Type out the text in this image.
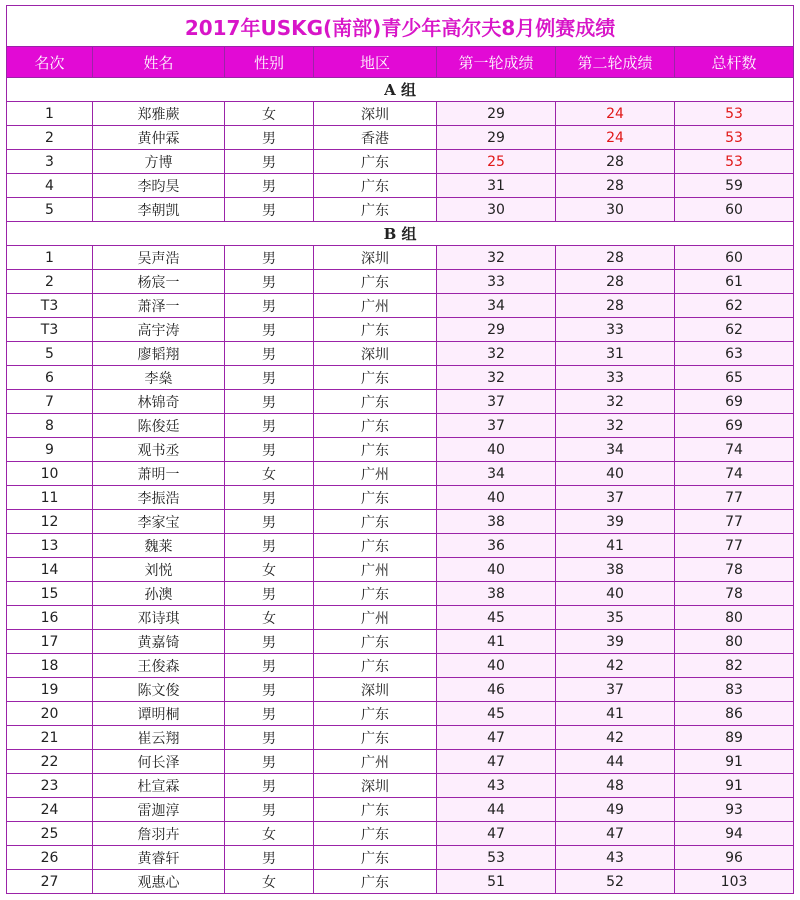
2017年USKG(南部)青少年高尔夫8月例赛成绩						
名次	姓名	性别	地区	第一轮成绩	第二轮成绩	总杆数
A 组						
1	郑雅蕨	女	深圳	29	24	53
2	黄仲霖	男	香港	29	24	53
3	方博	男	广东	25	28	53
4	李昀昊	男	广东	31	28	59
5	李朝凯	男	广东	30	30	60
B 组						
1	吴声浩	男	深圳	32	28	60
2	杨宸一	男	广东	33	28	61
T3	萧泽一	男	广州	34	28	62
T3	高宇涛	男	广东	29	33	62
5	廖韬翔	男	深圳	32	31	63
6	李燊	男	广东	32	33	65
7	林锦奇	男	广东	37	32	69
8	陈俊廷	男	广东	37	32	69
9	观书丞	男	广东	40	34	74
10	萧明一	女	广州	34	40	74
11	李振浩	男	广东	40	37	77
12	李家宝	男	广东	38	39	77
13	魏莱	男	广东	36	41	77
14	刘悦	女	广州	40	38	78
15	孙澳	男	广东	38	40	78
16	邓诗琪	女	广州	45	35	80
17	黄嘉锜	男	广东	41	39	80
18	王俊森	男	广东	40	42	82
19	陈文俊	男	深圳	46	37	83
20	谭明桐	男	广东	45	41	86
21	崔云翔	男	广东	47	42	89
22	何长泽	男	广州	47	44	91
23	杜宣霖	男	深圳	43	48	91
24	雷迦淳	男	广东	44	49	93
25	詹羽卉	女	广东	47	47	94
26	黄睿轩	男	广东	53	43	96
27	观惠心	女	广东	51	52	103
